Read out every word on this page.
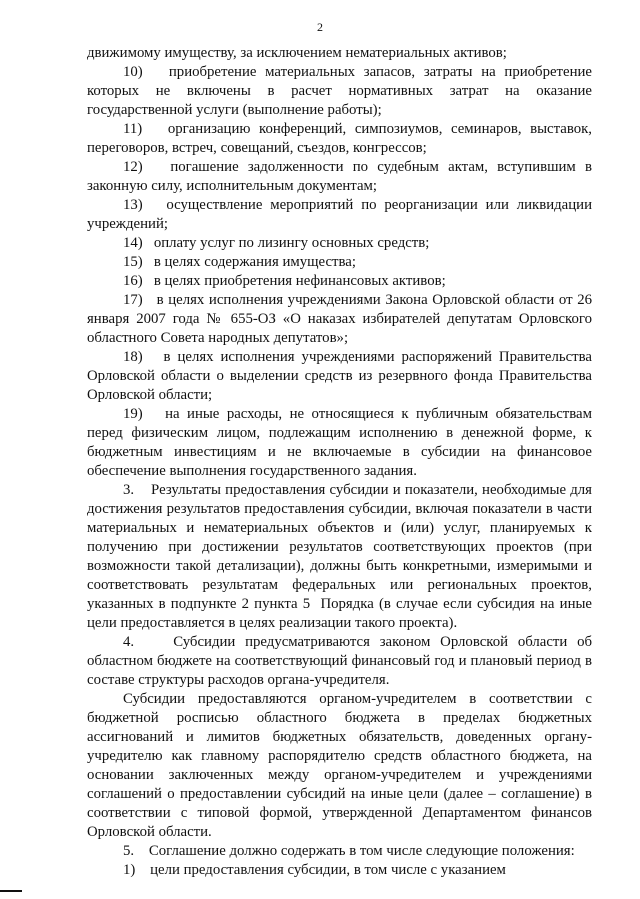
2

движимому имуществу, за исключением нематериальных активов;

10)   приобретение материальных запасов, затраты на приобретение которых не включены в расчет нормативных затрат на оказание государственной услуги (выполнение работы);

11)   организацию конференций, симпозиумов, семинаров, выставок, переговоров, встреч, совещаний, съездов, конгрессов;

12)   погашение задолженности по судебным актам, вступившим в законную силу, исполнительным документам;

13)   осуществление мероприятий по реорганизации или ликвидации учреждений;

14)   оплату услуг по лизингу основных средств;

15)   в целях содержания имущества;

16)   в целях приобретения нефинансовых активов;

17)   в целях исполнения учреждениями Закона Орловской области от 26 января 2007 года № 655-ОЗ «О наказах избирателей депутатам Орловского областного Совета народных депутатов»;

18)   в целях исполнения учреждениями распоряжений Правительства Орловской области о выделении средств из резервного фонда Правительства Орловской области;

19)   на иные расходы, не относящиеся к публичным обязательствам перед физическим лицом, подлежащим исполнению в денежной форме, к бюджетным инвестициям и не включаемые в субсидии на финансовое обеспечение выполнения государственного задания.

3.    Результаты предоставления субсидии и показатели, необходимые для достижения результатов предоставления субсидии, включая показатели в части материальных и нематериальных объектов и (или) услуг, планируемых к получению при достижении результатов соответствующих проектов (при возможности такой детализации), должны быть конкретными, измеримыми и соответствовать результатам федеральных или региональных проектов, указанных в подпункте 2 пункта 5  Порядка (в случае если субсидия на иные цели предоставляется в целях реализации такого проекта).

4.    Субсидии предусматриваются законом Орловской области об областном бюджете на соответствующий финансовый год и плановый период в составе структуры расходов органа-учредителя.

Субсидии предоставляются органом-учредителем в соответствии с бюджетной росписью областного бюджета в пределах бюджетных ассигнований и лимитов бюджетных обязательств, доведенных органу-учредителю как главному распорядителю средств областного бюджета, на основании заключенных между органом-учредителем и учреждениями соглашений о предоставлении субсидий на иные цели (далее – соглашение) в соответствии с типовой формой, утвержденной Департаментом финансов Орловской области.

5.    Соглашение должно содержать в том числе следующие положения:

1)    цели предоставления субсидии, в том числе с указанием
